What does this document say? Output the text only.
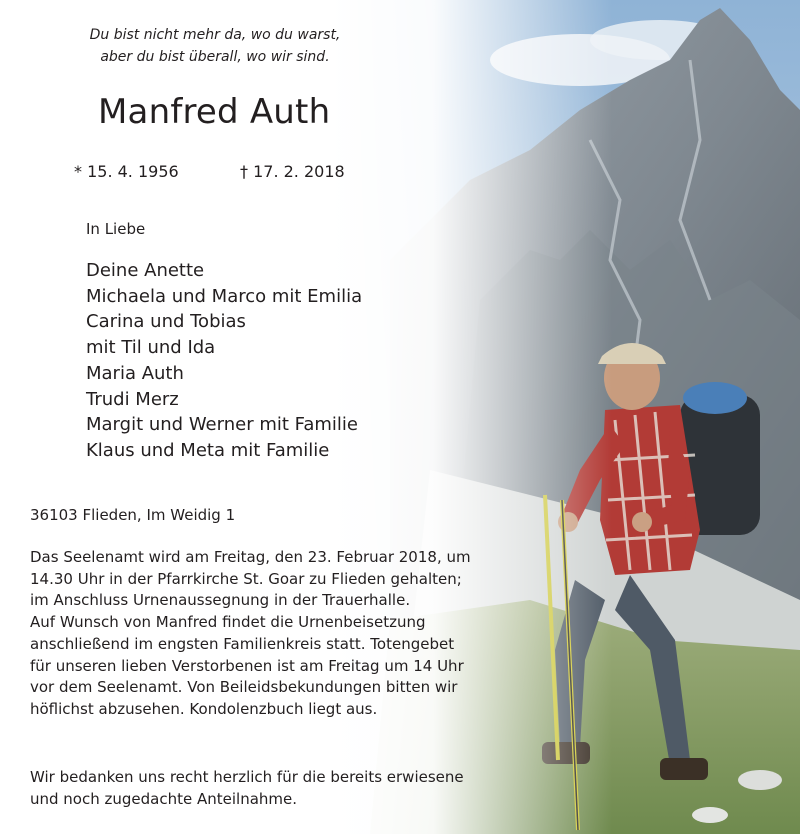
Du bist nicht mehr da, wo du warst,
aber du bist überall, wo wir sind.
Manfred Auth
* 15. 4. 1956	† 17. 2. 2018
In Liebe
Deine Anette
Michaela und Marco mit Emilia
Carina und Tobias
mit Til und Ida
Maria Auth
Trudi Merz
Margit und Werner mit Familie
Klaus und Meta mit Familie
36103 Flieden, Im Weidig 1
Das Seelenamt wird am Freitag, den 23. Februar 2018, um
14.30 Uhr in der Pfarrkirche St. Goar zu Flieden gehalten;
im Anschluss Urnenaussegnung in der Trauerhalle.
Auf Wunsch von Manfred findet die Urnenbeisetzung
anschließend im engsten Familienkreis statt. Totengebet
für unseren lieben Verstorbenen ist am Freitag um 14 Uhr
vor dem Seelenamt. Von Beileidsbekundungen bitten wir
höflichst abzusehen. Kondolenzbuch liegt aus.
Wir bedanken uns recht herzlich für die bereits erwiesene
und noch zugedachte Anteilnahme.
